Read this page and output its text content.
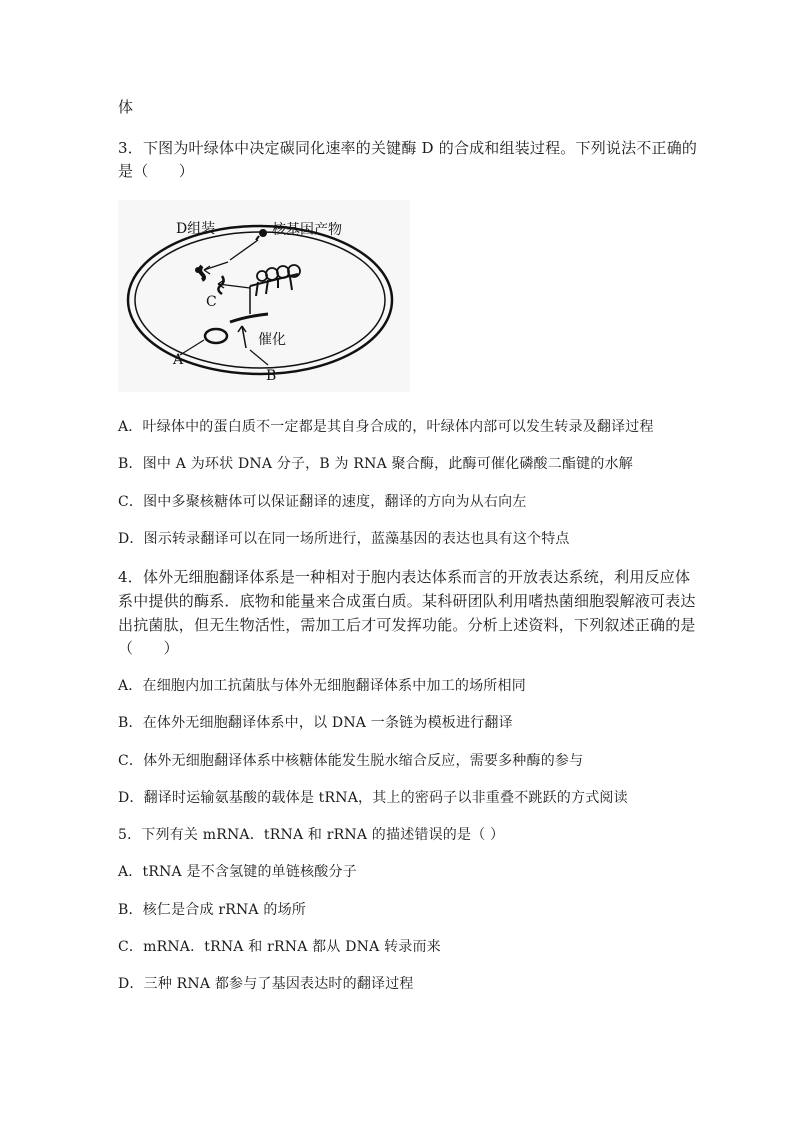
体
3．下图为叶绿体中决定碳同化速率的关键酶 D 的合成和组装过程。下列说法不正确的
是（　　）
D组装	核基因产物
C
A
催化
B
A．叶绿体中的蛋白质不一定都是其自身合成的，叶绿体内部可以发生转录及翻译过程
B．图中 A 为环状 DNA 分子，B 为 RNA 聚合酶，此酶可催化磷酸二酯键的水解
C．图中多聚核糖体可以保证翻译的速度，翻译的方向为从右向左
D．图示转录翻译可以在同一场所进行，蓝藻基因的表达也具有这个特点
4．体外无细胞翻译体系是一种相对于胞内表达体系而言的开放表达系统，利用反应体
系中提供的酶系．底物和能量来合成蛋白质。某科研团队利用嗜热菌细胞裂解液可表达
出抗菌肽，但无生物活性，需加工后才可发挥功能。分析上述资料，下列叙述正确的是
（　　）
A．在细胞内加工抗菌肽与体外无细胞翻译体系中加工的场所相同
B．在体外无细胞翻译体系中，以 DNA 一条链为模板进行翻译
C．体外无细胞翻译体系中核糖体能发生脱水缩合反应，需要多种酶的参与
D．翻译时运输氨基酸的载体是 tRNA，其上的密码子以非重叠不跳跃的方式阅读
5．下列有关 mRNA．tRNA 和 rRNA 的描述错误的是（ ）
A．tRNA 是不含氢键的单链核酸分子
B．核仁是合成 rRNA 的场所
C．mRNA．tRNA 和 rRNA 都从 DNA 转录而来
D．三种 RNA 都参与了基因表达时的翻译过程
